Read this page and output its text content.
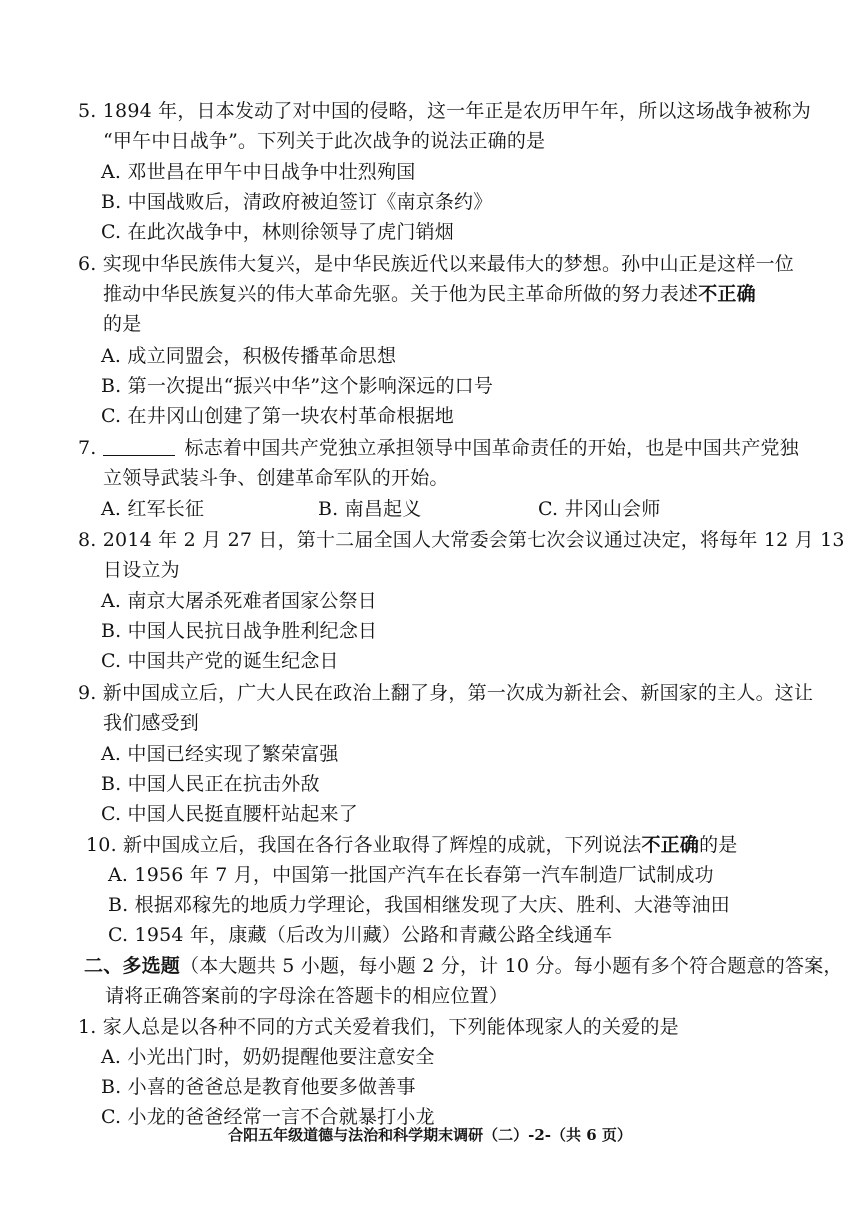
5. 1894 年，日本发动了对中国的侵略，这一年正是农历甲午年，所以这场战争被称为
“甲午中日战争”。下列关于此次战争的说法正确的是
A. 邓世昌在甲午中日战争中壮烈殉国
B. 中国战败后，清政府被迫签订《南京条约》
C. 在此次战争中，林则徐领导了虎门销烟
6. 实现中华民族伟大复兴，是中华民族近代以来最伟大的梦想。孙中山正是这样一位
推动中华民族复兴的伟大革命先驱。关于他为民主革命所做的努力表述不正确
的是
A. 成立同盟会，积极传播革命思想
B. 第一次提出“振兴中华”这个影响深远的口号
C. 在井冈山创建了第一块农村革命根据地
7.	标志着中国共产党独立承担领导中国革命责任的开始，也是中国共产党独
立领导武装斗争、创建革命军队的开始。
A. 红军长征	B. 南昌起义	C. 井冈山会师
8. 2014 年 2 月 27 日，第十二届全国人大常委会第七次会议通过决定，将每年 12 月 13
日设立为
A. 南京大屠杀死难者国家公祭日
B. 中国人民抗日战争胜利纪念日
C. 中国共产党的诞生纪念日
9. 新中国成立后，广大人民在政治上翻了身，第一次成为新社会、新国家的主人。这让
我们感受到
A. 中国已经实现了繁荣富强
B. 中国人民正在抗击外敌
C. 中国人民挺直腰杆站起来了
10. 新中国成立后，我国在各行各业取得了辉煌的成就，下列说法不正确的是
A. 1956 年 7 月，中国第一批国产汽车在长春第一汽车制造厂试制成功
B. 根据邓稼先的地质力学理论，我国相继发现了大庆、胜利、大港等油田
C. 1954 年，康藏（后改为川藏）公路和青藏公路全线通车
二、多选题（本大题共 5 小题，每小题 2 分，计 10 分。每小题有多个符合题意的答案，
请将正确答案前的字母涂在答题卡的相应位置）
1. 家人总是以各种不同的方式关爱着我们，下列能体现家人的关爱的是
A. 小光出门时，奶奶提醒他要注意安全
B. 小喜的爸爸总是教育他要多做善事
C. 小龙的爸爸经常一言不合就暴打小龙
合阳五年级道德与法治和科学期末调研（二）-2-（共 6 页）
